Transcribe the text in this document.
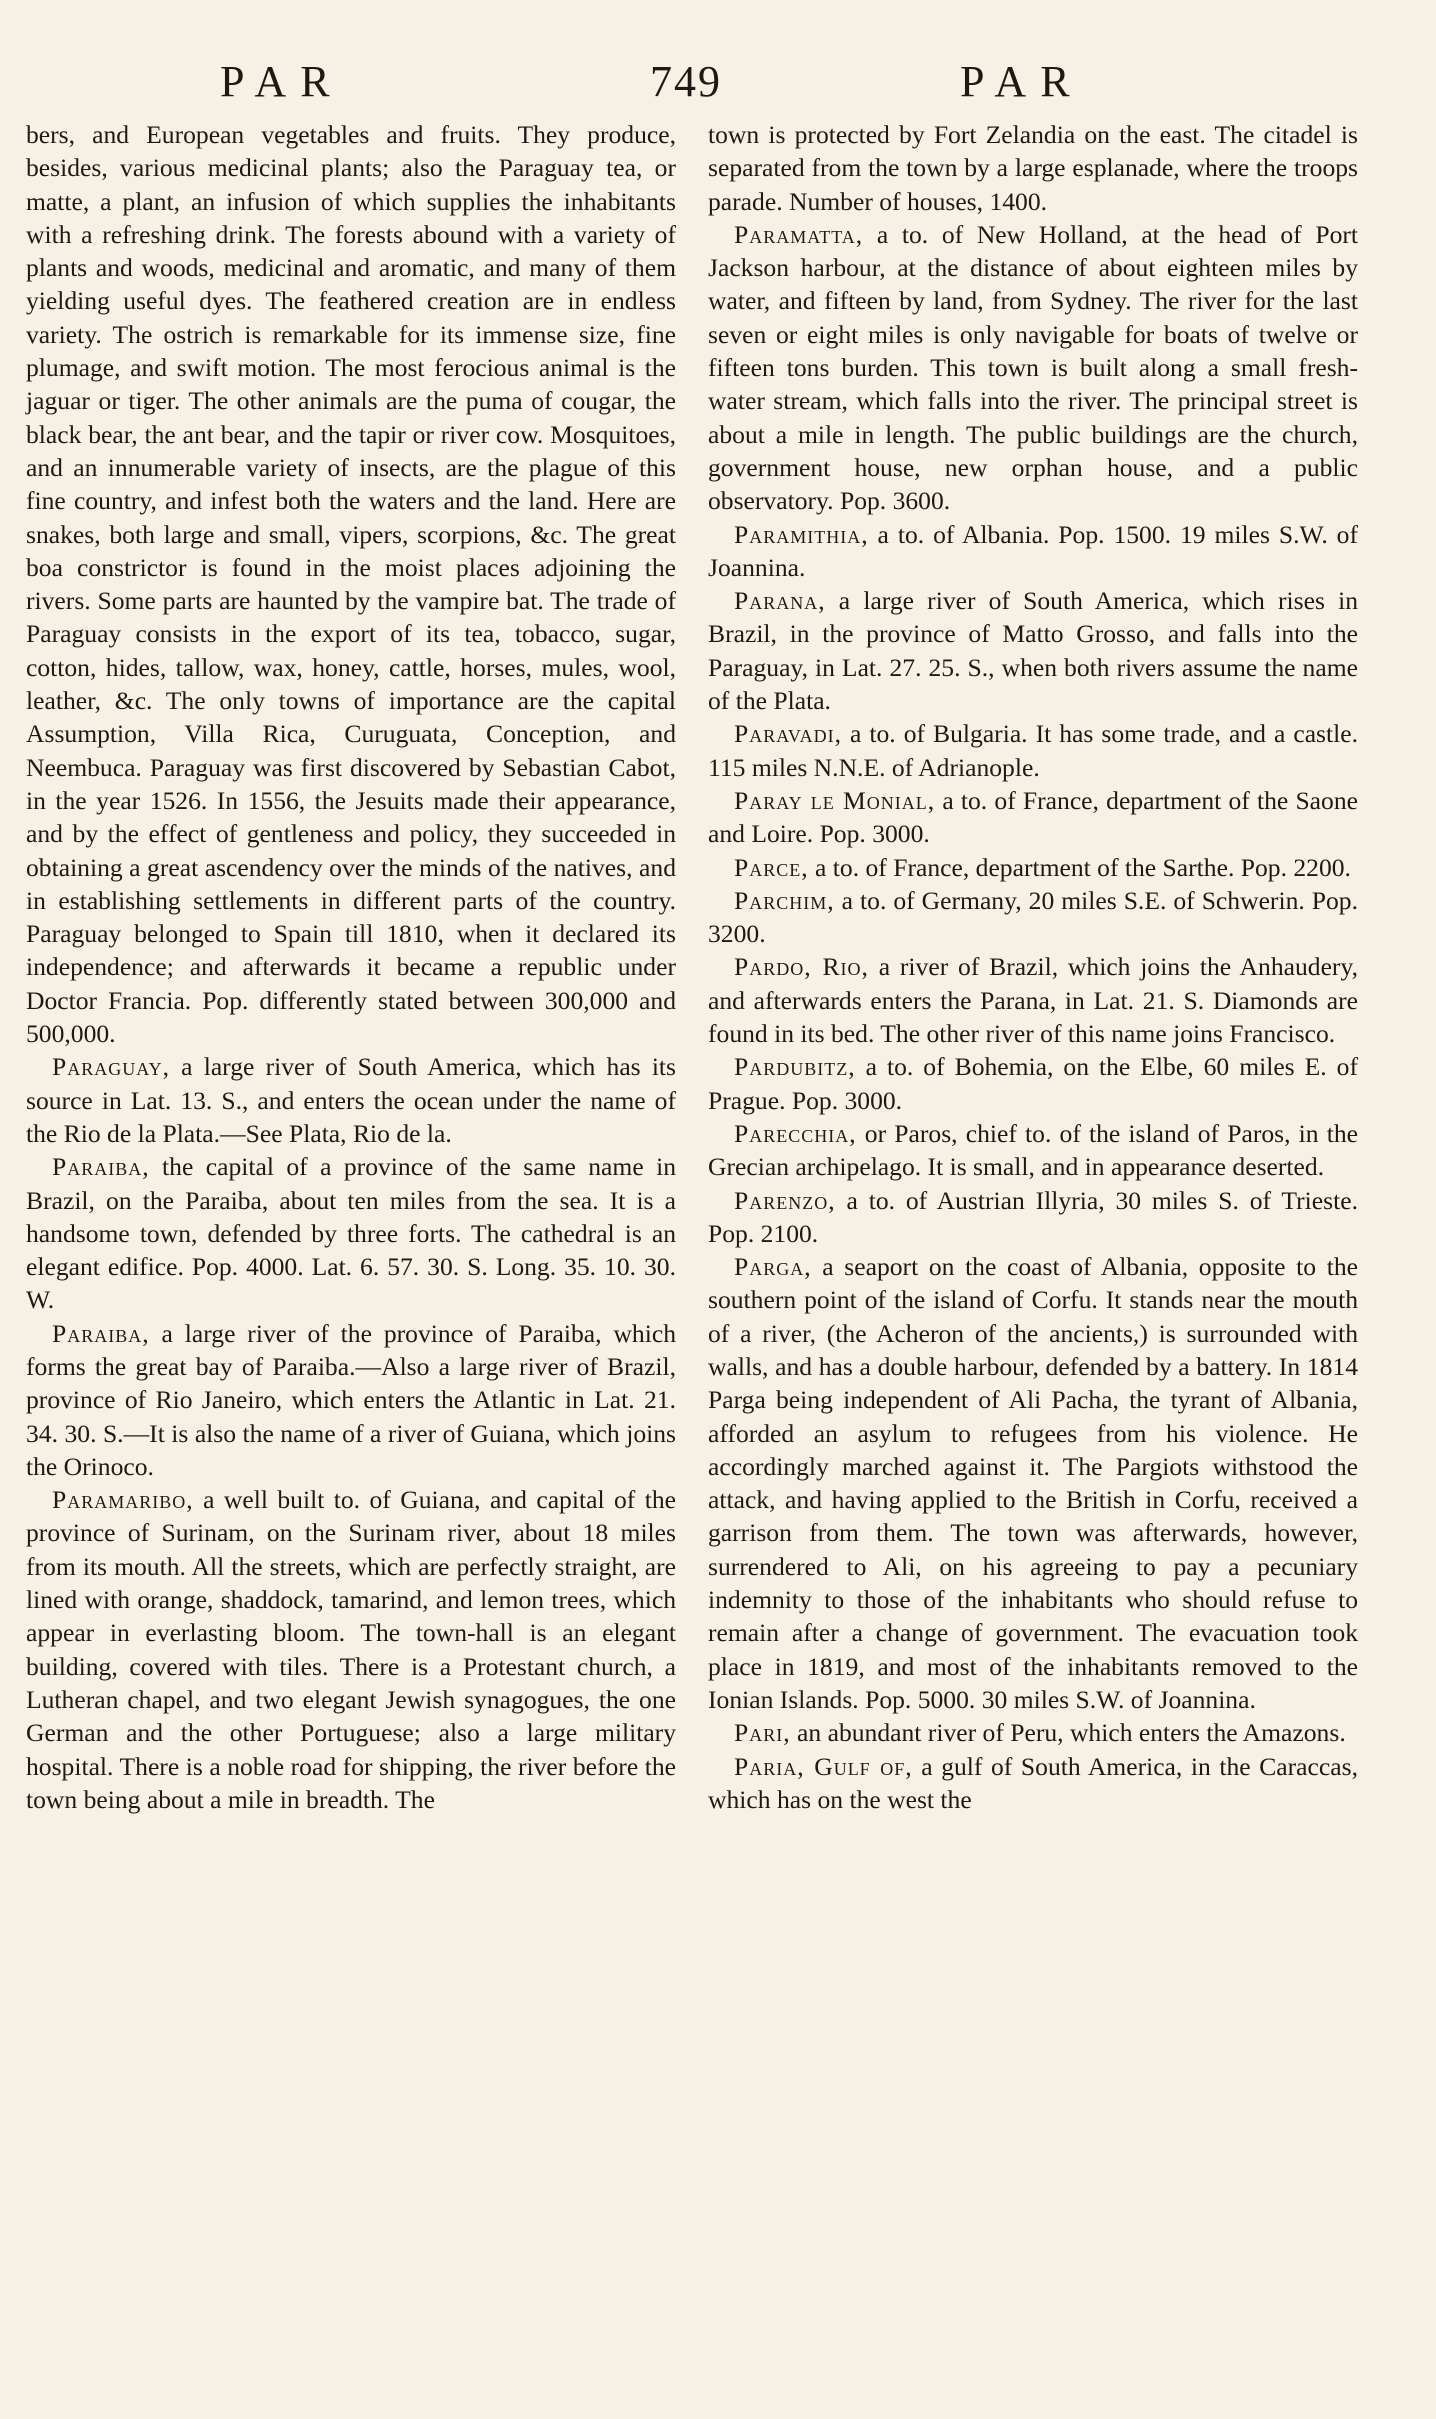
PAR	749	PAR

bers, and European vegetables and fruits. They produce, besides, various medicinal plants; also the Paraguay tea, or matte, a plant, an infusion of which supplies the inhabitants with a refreshing drink. The forests abound with a variety of plants and woods, medicinal and aromatic, and many of them yielding useful dyes. The feathered creation are in endless variety. The ostrich is remarkable for its immense size, fine plumage, and swift motion. The most ferocious animal is the jaguar or tiger. The other animals are the puma of cougar, the black bear, the ant bear, and the tapir or river cow. Mosquitoes, and an innumerable variety of insects, are the plague of this fine country, and infest both the waters and the land. Here are snakes, both large and small, vipers, scorpions, &c. The great boa constrictor is found in the moist places adjoining the rivers. Some parts are haunted by the vampire bat. The trade of Paraguay consists in the export of its tea, tobacco, sugar, cotton, hides, tallow, wax, honey, cattle, horses, mules, wool, leather, &c. The only towns of importance are the capital Assumption, Villa Rica, Curuguata, Conception, and Neembuca. Paraguay was first discovered by Sebastian Cabot, in the year 1526. In 1556, the Jesuits made their appearance, and by the effect of gentleness and policy, they succeeded in obtaining a great ascendency over the minds of the natives, and in establishing settlements in different parts of the country. Paraguay belonged to Spain till 1810, when it declared its independence; and afterwards it became a republic under Doctor Francia. Pop. differently stated between 300,000 and 500,000.

Paraguay, a large river of South America, which has its source in Lat. 13. S., and enters the ocean under the name of the Rio de la Plata.—See Plata, Rio de la.

Paraiba, the capital of a province of the same name in Brazil, on the Paraiba, about ten miles from the sea. It is a handsome town, defended by three forts. The cathedral is an elegant edifice. Pop. 4000. Lat. 6. 57. 30. S. Long. 35. 10. 30. W.

Paraiba, a large river of the province of Paraiba, which forms the great bay of Paraiba.—Also a large river of Brazil, province of Rio Janeiro, which enters the Atlantic in Lat. 21. 34. 30. S.—It is also the name of a river of Guiana, which joins the Orinoco.

Paramaribo, a well built to. of Guiana, and capital of the province of Surinam, on the Surinam river, about 18 miles from its mouth. All the streets, which are perfectly straight, are lined with orange, shaddock, tamarind, and lemon trees, which appear in everlasting bloom. The town-hall is an elegant building, covered with tiles. There is a Protestant church, a Lutheran chapel, and two elegant Jewish synagogues, the one German and the other Portuguese; also a large military hospital. There is a noble road for shipping, the river before the town being about a mile in breadth. The

town is protected by Fort Zelandia on the east. The citadel is separated from the town by a large esplanade, where the troops parade. Number of houses, 1400.

Paramatta, a to. of New Holland, at the head of Port Jackson harbour, at the distance of about eighteen miles by water, and fifteen by land, from Sydney. The river for the last seven or eight miles is only navigable for boats of twelve or fifteen tons burden. This town is built along a small fresh-water stream, which falls into the river. The principal street is about a mile in length. The public buildings are the church, government house, new orphan house, and a public observatory. Pop. 3600.

Paramithia, a to. of Albania. Pop. 1500. 19 miles S.W. of Joannina.

Parana, a large river of South America, which rises in Brazil, in the province of Matto Grosso, and falls into the Paraguay, in Lat. 27. 25. S., when both rivers assume the name of the Plata.

Paravadi, a to. of Bulgaria. It has some trade, and a castle. 115 miles N.N.E. of Adrianople.

Paray le Monial, a to. of France, department of the Saone and Loire. Pop. 3000.

Parce, a to. of France, department of the Sarthe. Pop. 2200.

Parchim, a to. of Germany, 20 miles S.E. of Schwerin. Pop. 3200.

Pardo, Rio, a river of Brazil, which joins the Anhaudery, and afterwards enters the Parana, in Lat. 21. S. Diamonds are found in its bed. The other river of this name joins Francisco.

Pardubitz, a to. of Bohemia, on the Elbe, 60 miles E. of Prague. Pop. 3000.

Parecchia, or Paros, chief to. of the island of Paros, in the Grecian archipelago. It is small, and in appearance deserted.

Parenzo, a to. of Austrian Illyria, 30 miles S. of Trieste. Pop. 2100.

Parga, a seaport on the coast of Albania, opposite to the southern point of the island of Corfu. It stands near the mouth of a river, (the Acheron of the ancients,) is surrounded with walls, and has a double harbour, defended by a battery. In 1814 Parga being independent of Ali Pacha, the tyrant of Albania, afforded an asylum to refugees from his violence. He accordingly marched against it. The Pargiots withstood the attack, and having applied to the British in Corfu, received a garrison from them. The town was afterwards, however, surrendered to Ali, on his agreeing to pay a pecuniary indemnity to those of the inhabitants who should refuse to remain after a change of government. The evacuation took place in 1819, and most of the inhabitants removed to the Ionian Islands. Pop. 5000. 30 miles S.W. of Joannina.

Pari, an abundant river of Peru, which enters the Amazons.

Paria, Gulf of, a gulf of South America, in the Caraccas, which has on the west the
